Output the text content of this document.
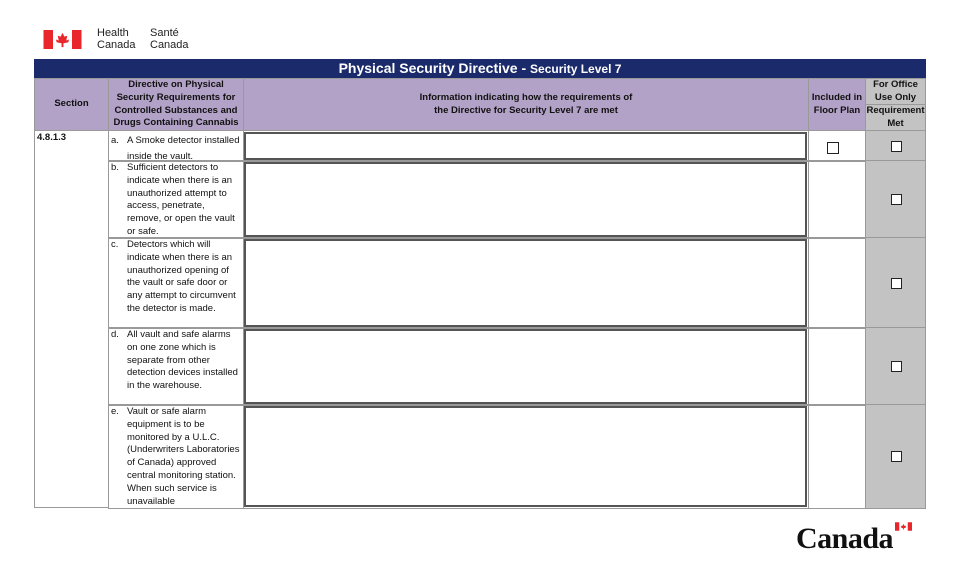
Health
Canada
Santé
Canada
Physical Security Directive - Security Level 7
Section
Directive on Physical Security Requirements for Controlled Substances and Drugs Containing Cannabis
Information indicating how the requirements of the Directive for Security Level 7 are met
Included in Floor Plan
For Office Use Only
Requirement Met
4.8.1.3	a. A Smoke detector installed inside the vault.
b. Sufficient detectors to indicate when there is an unauthorized attempt to access, penetrate, remove, or open the vault or safe.
c. Detectors which will indicate when there is an unauthorized opening of the vault or safe door or any attempt to circumvent the detector is made.
d. All vault and safe alarms on one zone which is separate from other detection devices installed in the warehouse.
e. Vault or safe alarm equipment is to be monitored by a U.L.C. (Underwriters Laboratories of Canada) approved central monitoring station. When such service is unavailable
Canada
